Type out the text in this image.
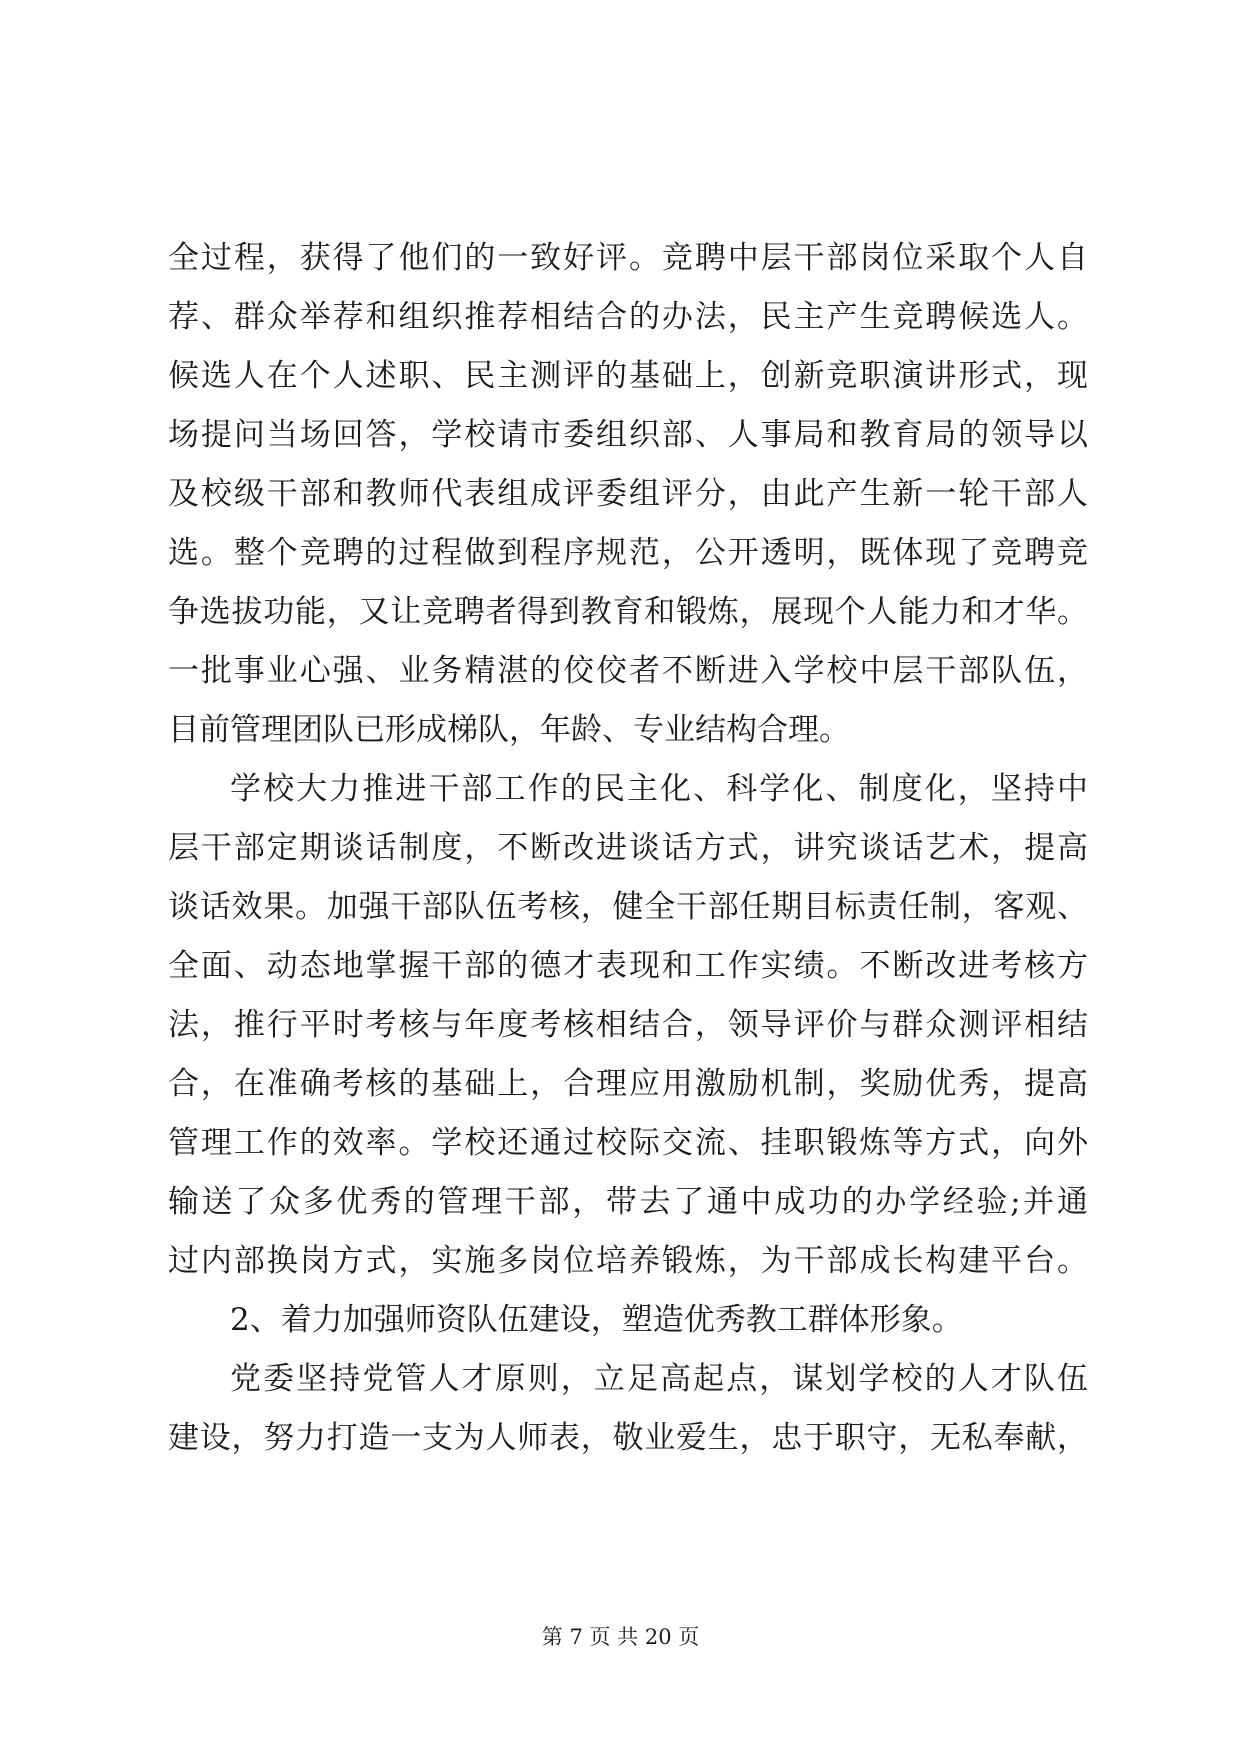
全过程，获得了他们的一致好评。竞聘中层干部岗位采取个人自
荐、群众举荐和组织推荐相结合的办法，民主产生竞聘候选人。
候选人在个人述职、民主测评的基础上，创新竞职演讲形式，现
场提问当场回答，学校请市委组织部、人事局和教育局的领导以
及校级干部和教师代表组成评委组评分，由此产生新一轮干部人
选。整个竞聘的过程做到程序规范，公开透明，既体现了竞聘竞
争选拔功能，又让竞聘者得到教育和锻炼，展现个人能力和才华。
一批事业心强、业务精湛的佼佼者不断进入学校中层干部队伍，
目前管理团队已形成梯队，年龄、专业结构合理。
学校大力推进干部工作的民主化、科学化、制度化，坚持中
层干部定期谈话制度，不断改进谈话方式，讲究谈话艺术，提高
谈话效果。加强干部队伍考核，健全干部任期目标责任制，客观、
全面、动态地掌握干部的德才表现和工作实绩。不断改进考核方
法，推行平时考核与年度考核相结合，领导评价与群众测评相结
合，在准确考核的基础上，合理应用激励机制，奖励优秀，提高
管理工作的效率。学校还通过校际交流、挂职锻炼等方式，向外
输送了众多优秀的管理干部，带去了通中成功的办学经验;并通
过内部换岗方式，实施多岗位培养锻炼，为干部成长构建平台。
2、着力加强师资队伍建设，塑造优秀教工群体形象。
党委坚持党管人才原则，立足高起点，谋划学校的人才队伍
建设，努力打造一支为人师表，敬业爱生，忠于职守，无私奉献，
第 7 页 共 20 页
